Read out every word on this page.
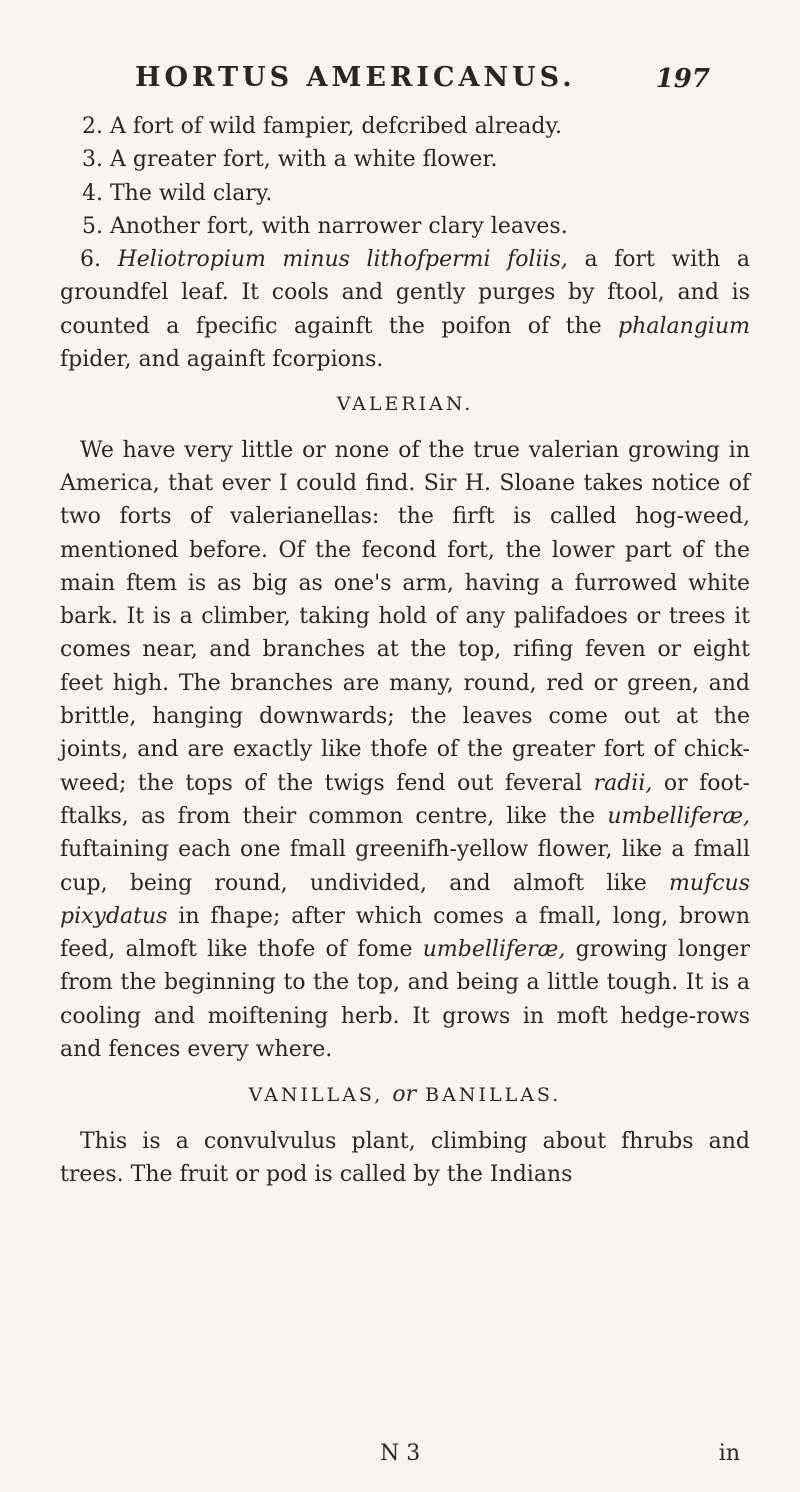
HORTUS AMERICANUS.	197

2. A fort of wild fampier, defcribed already.

3. A greater fort, with a white flower.

4. The wild clary.

5. Another fort, with narrower clary leaves.

6. Heliotropium minus lithofpermi foliis, a fort with a groundfel leaf. It cools and gently purges by ftool, and is counted a fpecific againft the poifon of the phalangium fpider, and againft fcorpions.

VALERIAN.

We have very little or none of the true valerian growing in America, that ever I could find. Sir H. Sloane takes notice of two forts of valerianellas: the firft is called hog-weed, mentioned before. Of the fecond fort, the lower part of the main ftem is as big as one's arm, having a furrowed white bark. It is a climber, taking hold of any palifadoes or trees it comes near, and branches at the top, rifing feven or eight feet high. The branches are many, round, red or green, and brittle, hanging downwards; the leaves come out at the joints, and are exactly like thofe of the greater fort of chick-weed; the tops of the twigs fend out feveral radii, or foot-ftalks, as from their common centre, like the umbelliferæ, fuftaining each one fmall greenifh-yellow flower, like a fmall cup, being round, undivided, and almoft like mufcus pixydatus in fhape; after which comes a fmall, long, brown feed, almoft like thofe of fome umbelliferæ, growing longer from the beginning to the top, and being a little tough. It is a cooling and moiftening herb. It grows in moft hedge-rows and fences every where.

VANILLAS, or BANILLAS.

This is a convulvulus plant, climbing about fhrubs and trees. The fruit or pod is called by the Indians

N 3	in
